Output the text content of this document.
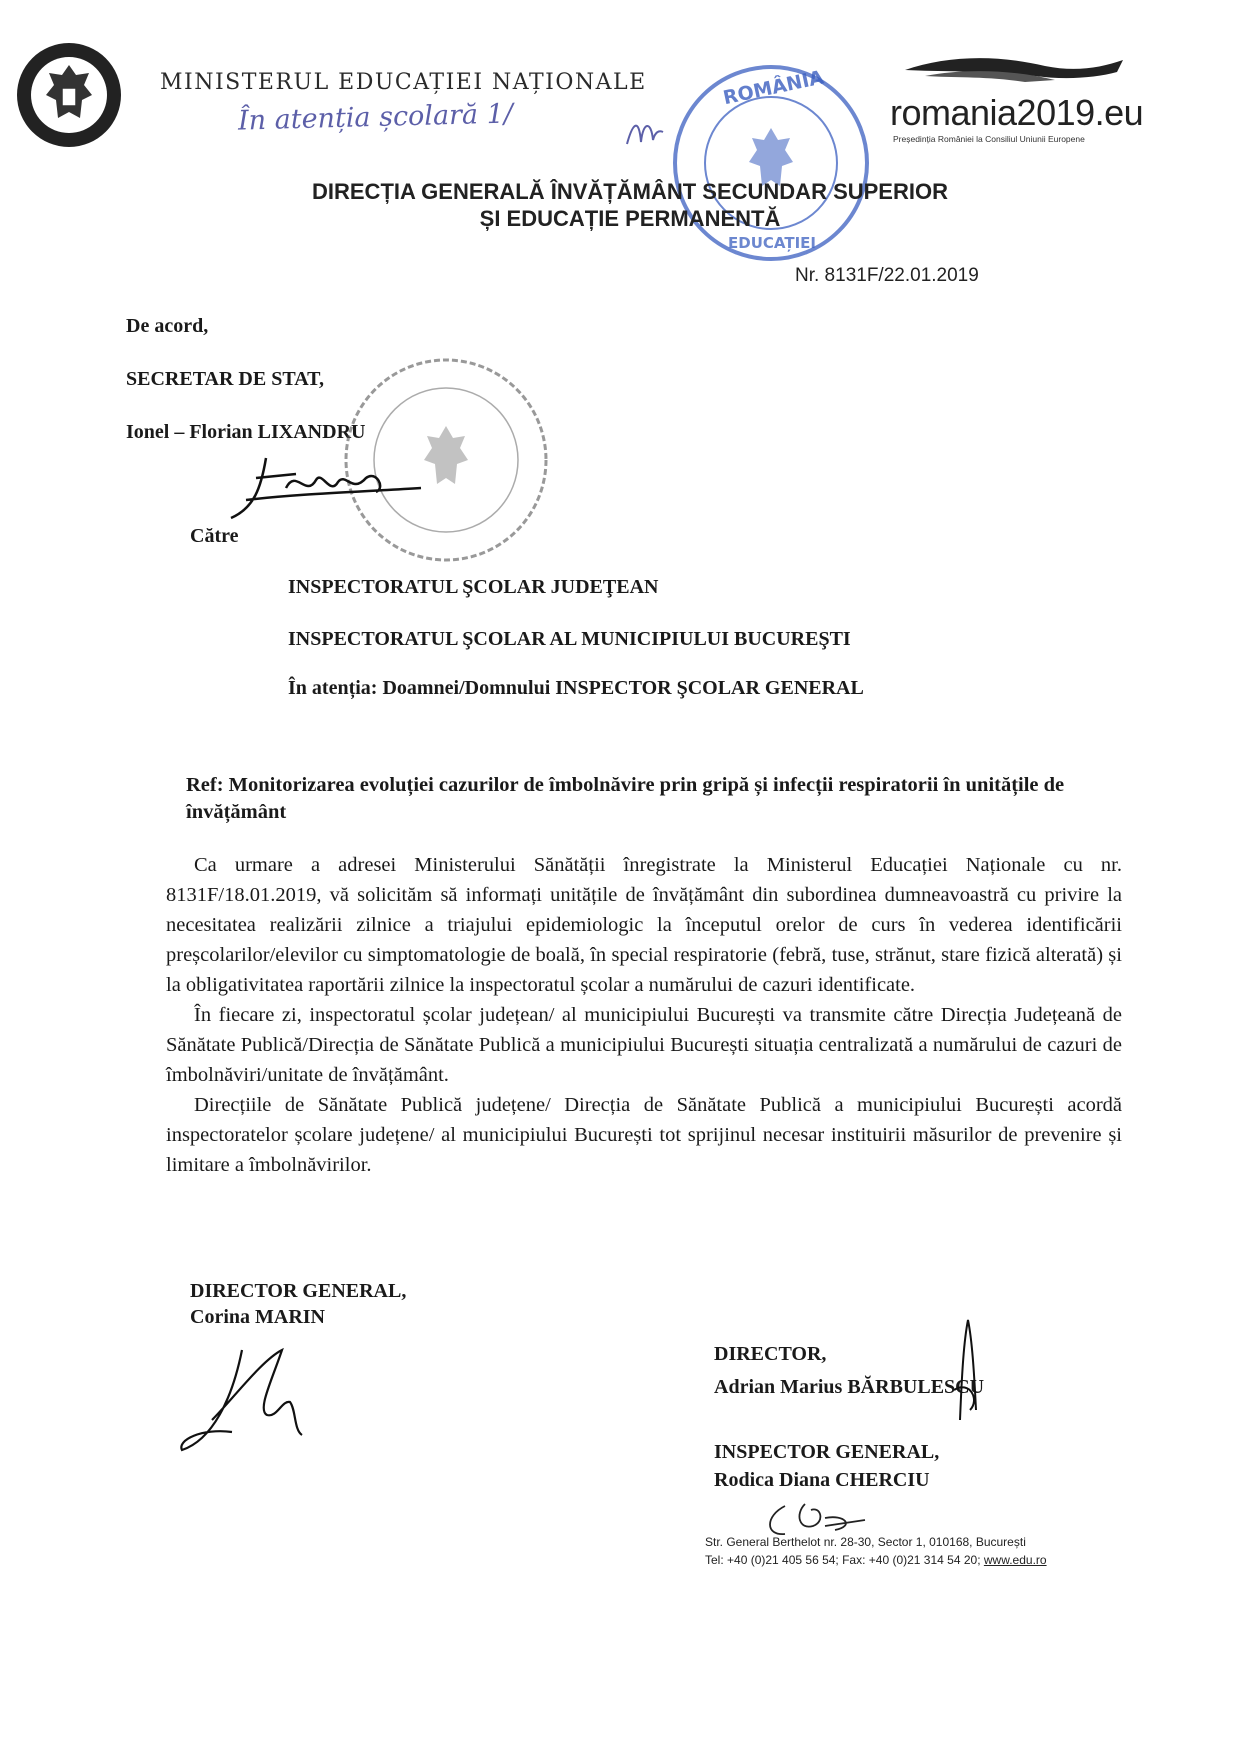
MINISTERUL EDUCAȚIEI NAȚIONALE
În atenția școlară 1/
ROMÂNIA
EDUCAȚIEI
romania2019.eu
Președinția României la Consiliul Uniunii Europene
DIRECȚIA GENERALĂ ÎNVĂȚĂMÂNT SECUNDAR SUPERIOR
ȘI EDUCAȚIE PERMANENTĂ
Nr. 8131F/22.01.2019
De acord,
SECRETAR DE STAT,
Ionel – Florian LIXANDRU
Către
INSPECTORATUL ŞCOLAR JUDEŢEAN
INSPECTORATUL ŞCOLAR AL MUNICIPIULUI BUCUREŞTI
În atenția: Doamnei/Domnului INSPECTOR ŞCOLAR GENERAL
Ref: Monitorizarea evoluției cazurilor de îmbolnăvire prin gripă și infecții respiratorii în unitățile de învățământ

Ca urmare a adresei Ministerului Sănătății înregistrate la Ministerul Educației Naționale cu nr. 8131F/18.01.2019, vă solicităm să informați unitățile de învățământ din subordinea dumneavoastră cu privire la necesitatea realizării zilnice a triajului epidemiologic la începutul orelor de curs în vederea identificării preșcolarilor/elevilor cu simptomatologie de boală, în special respiratorie (febră, tuse, strănut, stare fizică alterată) și la obligativitatea raportării zilnice la inspectoratul școlar a numărului de cazuri identificate.

În fiecare zi, inspectoratul școlar județean/ al municipiului București va transmite către Direcția Județeană de Sănătate Publică/Direcția de Sănătate Publică a municipiului București situația centralizată a numărului de cazuri de îmbolnăviri/unitate de învățământ.

Direcțiile de Sănătate Publică județene/ Direcția de Sănătate Publică a municipiului București acordă inspectoratelor școlare județene/ al municipiului București tot sprijinul necesar instituirii măsurilor de prevenire și limitare a îmbolnăvirilor.

DIRECTOR GENERAL,
Corina MARIN
DIRECTOR,
Adrian Marius BĂRBULESCU
INSPECTOR GENERAL,
Rodica Diana CHERCIU
Str. General Berthelot nr. 28-30, Sector 1, 010168, București
Tel: +40 (0)21 405 56 54; Fax: +40 (0)21 314 54 20; www.edu.ro
